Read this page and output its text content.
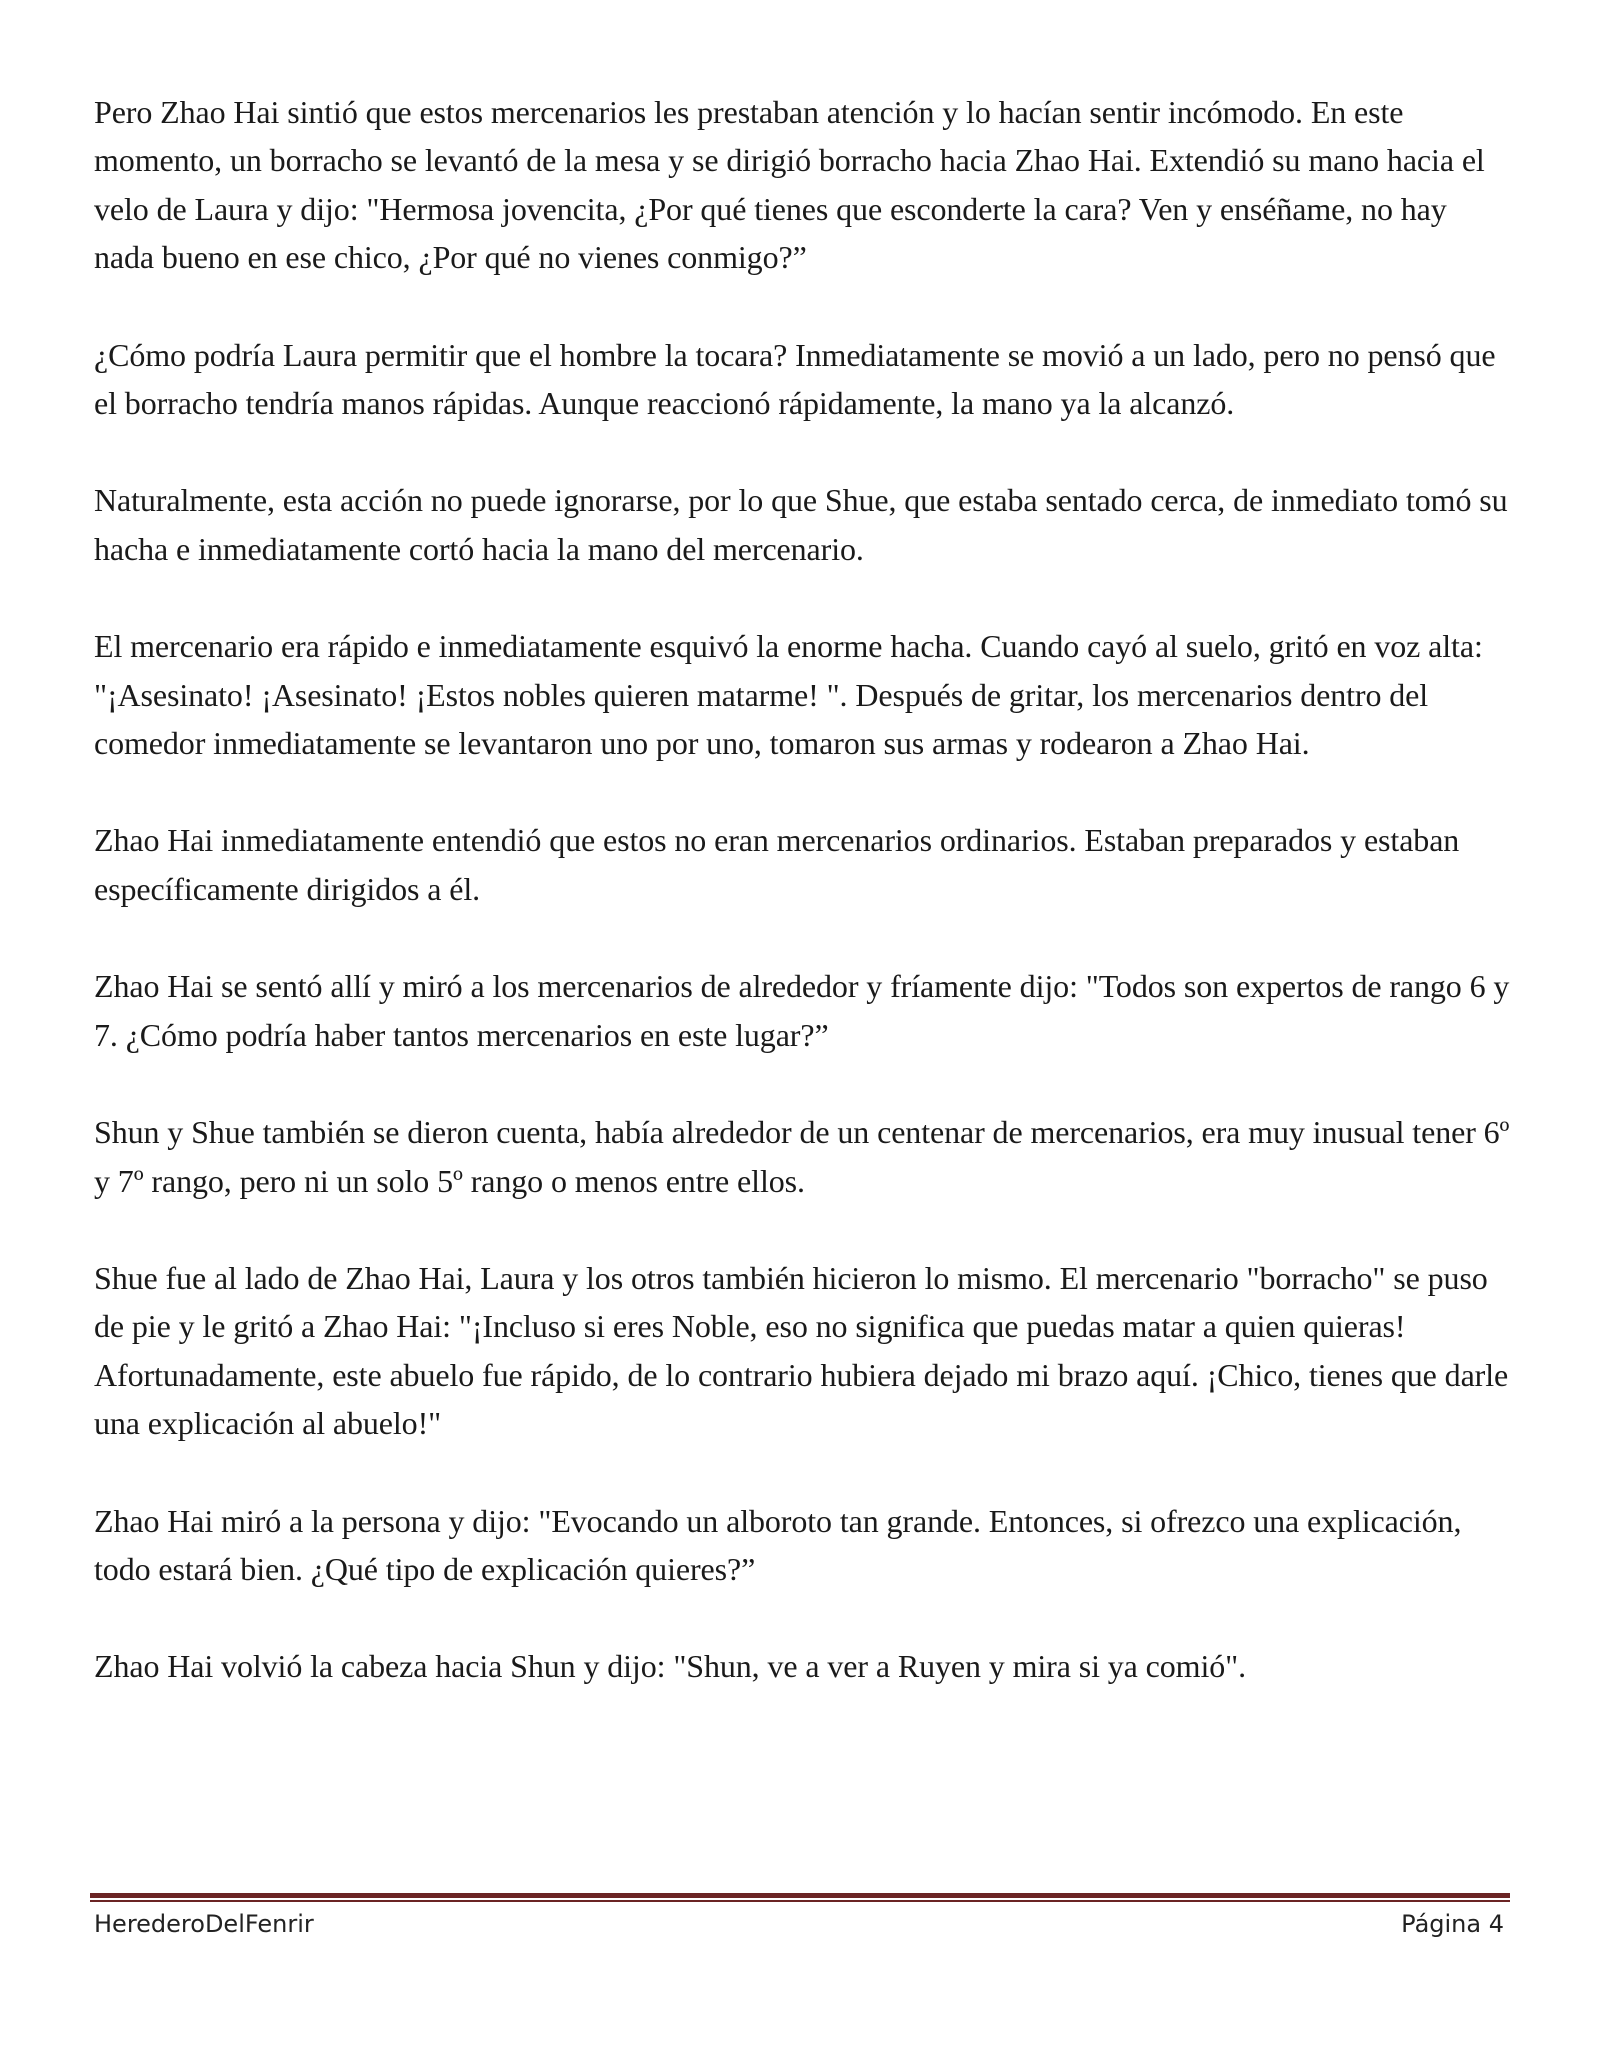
Pero Zhao Hai sintió que estos mercenarios les prestaban atención y lo hacían sentir incómodo. En este momento, un borracho se levantó de la mesa y se dirigió borracho hacia Zhao Hai. Extendió su mano hacia el velo de Laura y dijo: "Hermosa jovencita, ¿Por qué tienes que esconderte la cara? Ven y enséñame, no hay nada bueno en ese chico, ¿Por qué no vienes conmigo?”

¿Cómo podría Laura permitir que el hombre la tocara? Inmediatamente se movió a un lado, pero no pensó que el borracho tendría manos rápidas. Aunque reaccionó rápidamente, la mano ya la alcanzó.

Naturalmente, esta acción no puede ignorarse, por lo que Shue, que estaba sentado cerca, de inmediato tomó su hacha e inmediatamente cortó hacia la mano del mercenario.

El mercenario era rápido e inmediatamente esquivó la enorme hacha. Cuando cayó al suelo, gritó en voz alta: "¡Asesinato! ¡Asesinato! ¡Estos nobles quieren matarme! ". Después de gritar, los mercenarios dentro del comedor inmediatamente se levantaron uno por uno, tomaron sus armas y rodearon a Zhao Hai.

Zhao Hai inmediatamente entendió que estos no eran mercenarios ordinarios. Estaban preparados y estaban específicamente dirigidos a él.

Zhao Hai se sentó allí y miró a los mercenarios de alrededor y fríamente dijo: "Todos son expertos de rango 6 y 7. ¿Cómo podría haber tantos mercenarios en este lugar?”

Shun y Shue también se dieron cuenta, había alrededor de un centenar de mercenarios, era muy inusual tener 6º y 7º rango, pero ni un solo 5º rango o menos entre ellos.

Shue fue al lado de Zhao Hai, Laura y los otros también hicieron lo mismo. El mercenario "borracho" se puso de pie y le gritó a Zhao Hai: "¡Incluso si eres Noble, eso no significa que puedas matar a quien quieras! Afortunadamente, este abuelo fue rápido, de lo contrario hubiera dejado mi brazo aquí. ¡Chico, tienes que darle una explicación al abuelo!"

Zhao Hai miró a la persona y dijo: "Evocando un alboroto tan grande. Entonces, si ofrezco una explicación, todo estará bien. ¿Qué tipo de explicación quieres?”

Zhao Hai volvió la cabeza hacia Shun y dijo: "Shun, ve a ver a Ruyen y mira si ya comió".

HerederoDelFenrir	Página 4
